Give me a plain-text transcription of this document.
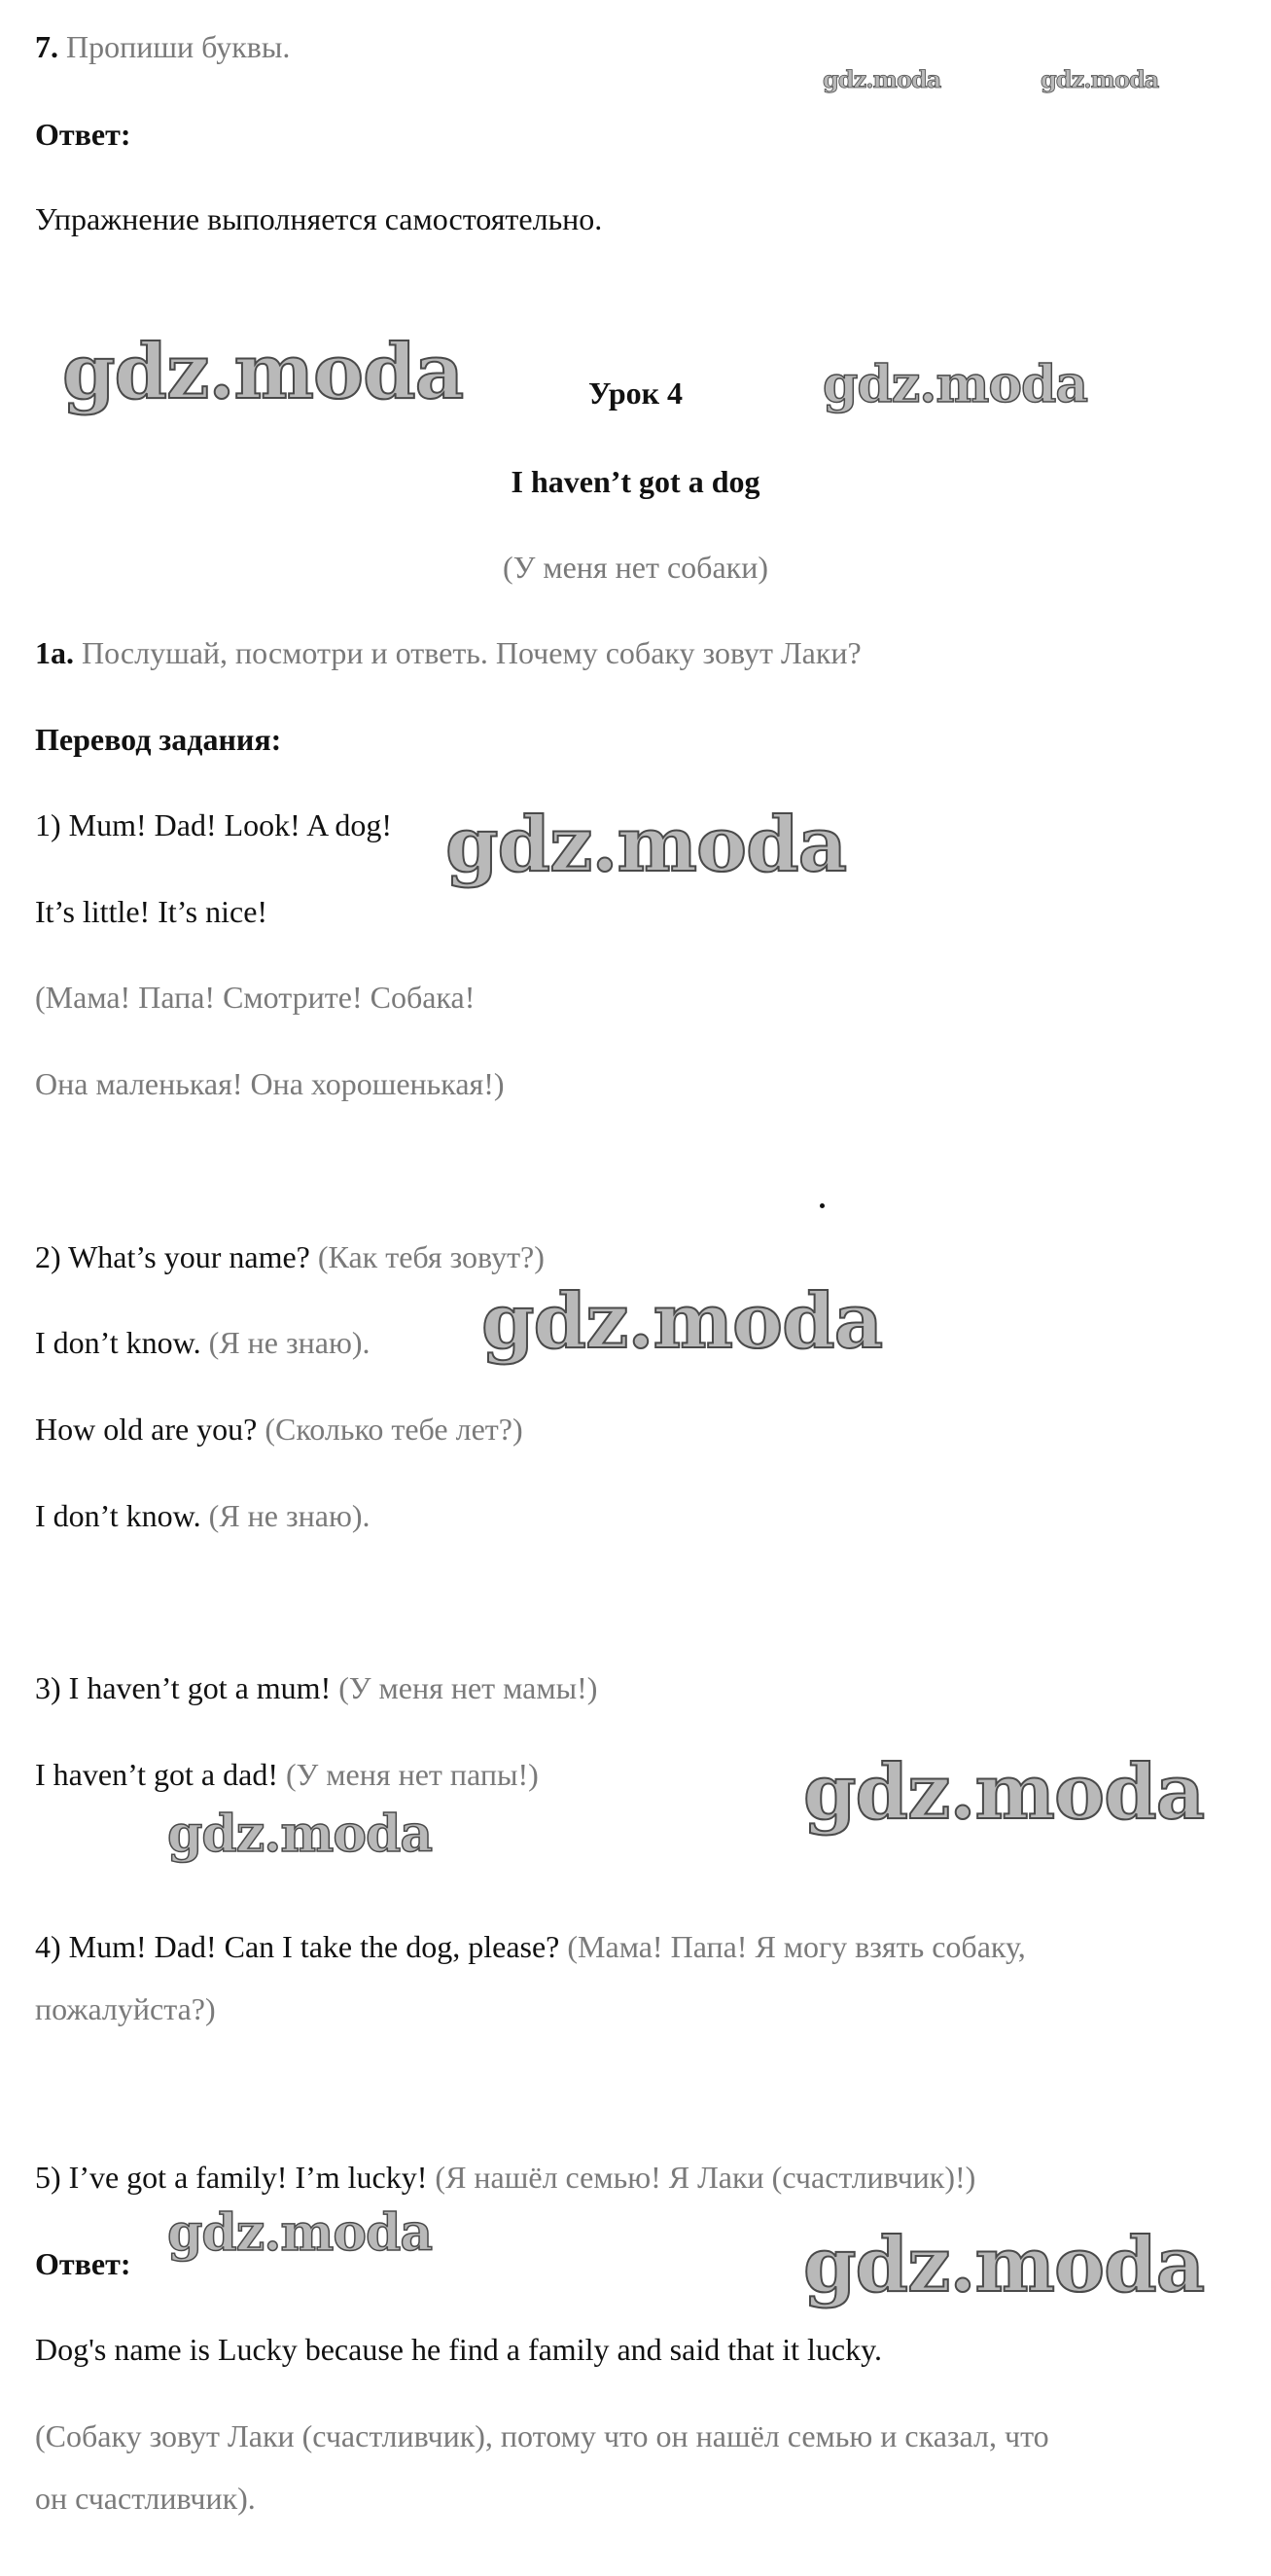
7. Пропиши буквы.
Ответ:
Упражнение выполняется самостоятельно.
Урок 4
I haven’t got a dog
(У меня нет собаки)
1a. Послушай, посмотри и ответь. Почему собаку зовут Лаки?
Перевод задания:
1) Mum! Dad! Look! A dog!
It’s little! It’s nice!
(Мама! Папа! Смотрите! Собака!
Она маленькая! Она хорошенькая!)
2) What’s your name? (Как тебя зовут?)
I don’t know. (Я не знаю).
How old are you? (Сколько тебе лет?)
I don’t know. (Я не знаю).
3) I haven’t got a mum! (У меня нет мамы!)
I haven’t got a dad! (У меня нет папы!)
4) Mum! Dad! Can I take the dog, please? (Мама! Папа! Я могу взять собаку,
пожалуйста?)
5) I’ve got a family! I’m lucky! (Я нашёл семью! Я Лаки (счастливчик)!)
Ответ:
Dog's name is Lucky because he find a family and said that it lucky.
(Собаку зовут Лаки (счастливчик), потому что он нашёл семью и сказал, что
он счастливчик).
gdz.moda	gdz.moda
gdz.moda	gdz.moda
gdz.moda
gdz.moda
gdz.moda
gdz.moda
gdz.moda	gdz.moda
